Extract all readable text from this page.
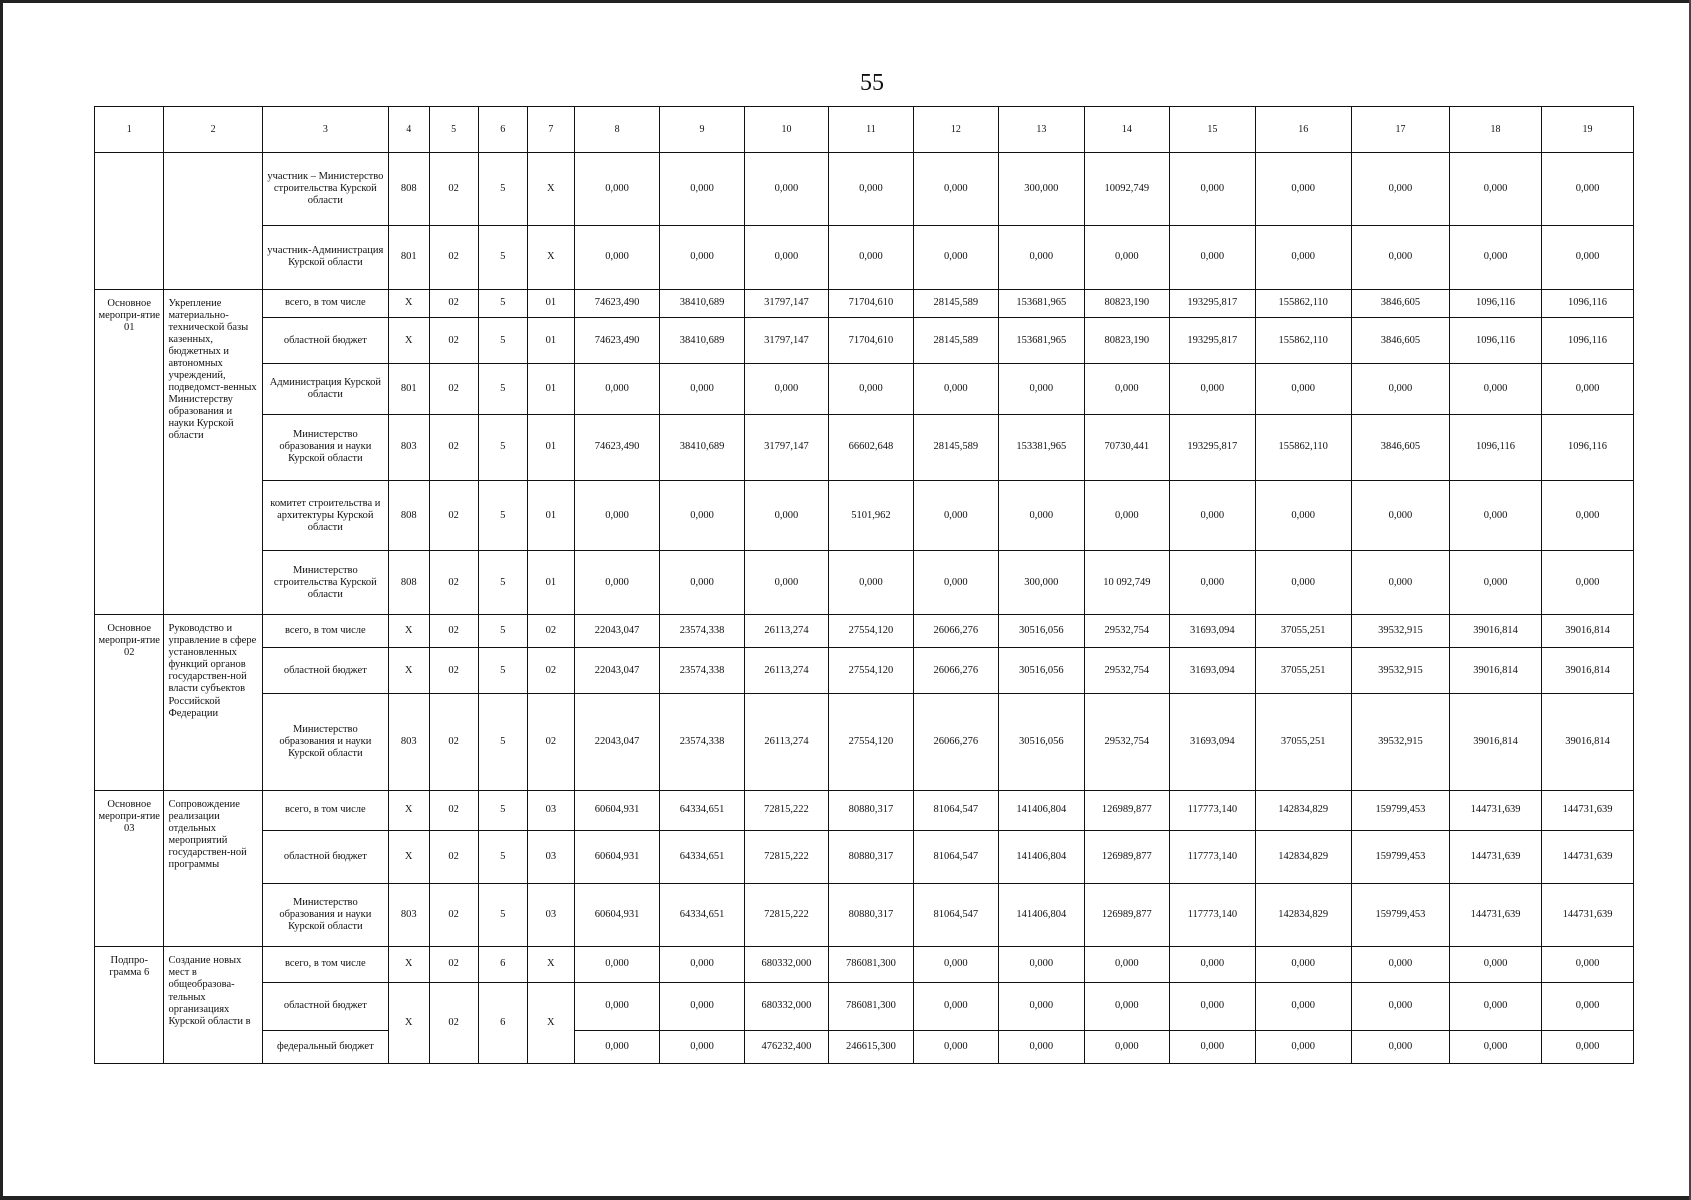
55
1	2	3	4	5	6	7	8	9	10	11	12	13	14	15	16	17	18	19
		участник – Министерство строительства Курской области	808	02	5	X	0,000	0,000	0,000	0,000	0,000	300,000	10092,749	0,000	0,000	0,000	0,000	0,000
		участник-Администрация Курской области	801	02	5	X	0,000	0,000	0,000	0,000	0,000	0,000	0,000	0,000	0,000	0,000	0,000	0,000
Основное меропри-ятие 01	Укрепление материально-технической базы казенных, бюджетных и автономных учреждений, подведомст-венных Министерству образования и науки Курской области	всего, в том числе	X	02	5	01	74623,490	38410,689	31797,147	71704,610	28145,589	153681,965	80823,190	193295,817	155862,110	3846,605	1096,116	1096,116
		областной бюджет	X	02	5	01	74623,490	38410,689	31797,147	71704,610	28145,589	153681,965	80823,190	193295,817	155862,110	3846,605	1096,116	1096,116
		Администрация Курской области	801	02	5	01	0,000	0,000	0,000	0,000	0,000	0,000	0,000	0,000	0,000	0,000	0,000	0,000
		Министерство образования и науки Курской области	803	02	5	01	74623,490	38410,689	31797,147	66602,648	28145,589	153381,965	70730,441	193295,817	155862,110	3846,605	1096,116	1096,116
		комитет строительства и архитектуры Курской области	808	02	5	01	0,000	0,000	0,000	5101,962	0,000	0,000	0,000	0,000	0,000	0,000	0,000	0,000
		Министерство строительства Курской области	808	02	5	01	0,000	0,000	0,000	0,000	0,000	300,000	10 092,749	0,000	0,000	0,000	0,000	0,000
Основное меропри-ятие 02	Руководство и управление в сфере установленных функций органов государствен-ной власти субъектов Российской Федерации	всего, в том числе	X	02	5	02	22043,047	23574,338	26113,274	27554,120	26066,276	30516,056	29532,754	31693,094	37055,251	39532,915	39016,814	39016,814
		областной бюджет	X	02	5	02	22043,047	23574,338	26113,274	27554,120	26066,276	30516,056	29532,754	31693,094	37055,251	39532,915	39016,814	39016,814
		Министерство образования и науки Курской области	803	02	5	02	22043,047	23574,338	26113,274	27554,120	26066,276	30516,056	29532,754	31693,094	37055,251	39532,915	39016,814	39016,814
Основное меропри-ятие 03	Сопровождение реализации отдельных мероприятий государствен-ной программы	всего, в том числе	X	02	5	03	60604,931	64334,651	72815,222	80880,317	81064,547	141406,804	126989,877	117773,140	142834,829	159799,453	144731,639	144731,639
		областной бюджет	X	02	5	03	60604,931	64334,651	72815,222	80880,317	81064,547	141406,804	126989,877	117773,140	142834,829	159799,453	144731,639	144731,639
		Министерство образования и науки Курской области	803	02	5	03	60604,931	64334,651	72815,222	80880,317	81064,547	141406,804	126989,877	117773,140	142834,829	159799,453	144731,639	144731,639
Подпро-грамма 6	Создание новых мест в общеобразова-тельных организациях Курской области в	всего, в том числе	X	02	6	X	0,000	0,000	680332,000	786081,300	0,000	0,000	0,000	0,000	0,000	0,000	0,000	0,000
		областной бюджет	X	02	6	X	0,000	0,000	680332,000	786081,300	0,000	0,000	0,000	0,000	0,000	0,000	0,000	0,000
		федеральный бюджет					0,000	0,000	476232,400	246615,300	0,000	0,000	0,000	0,000	0,000	0,000	0,000	0,000
